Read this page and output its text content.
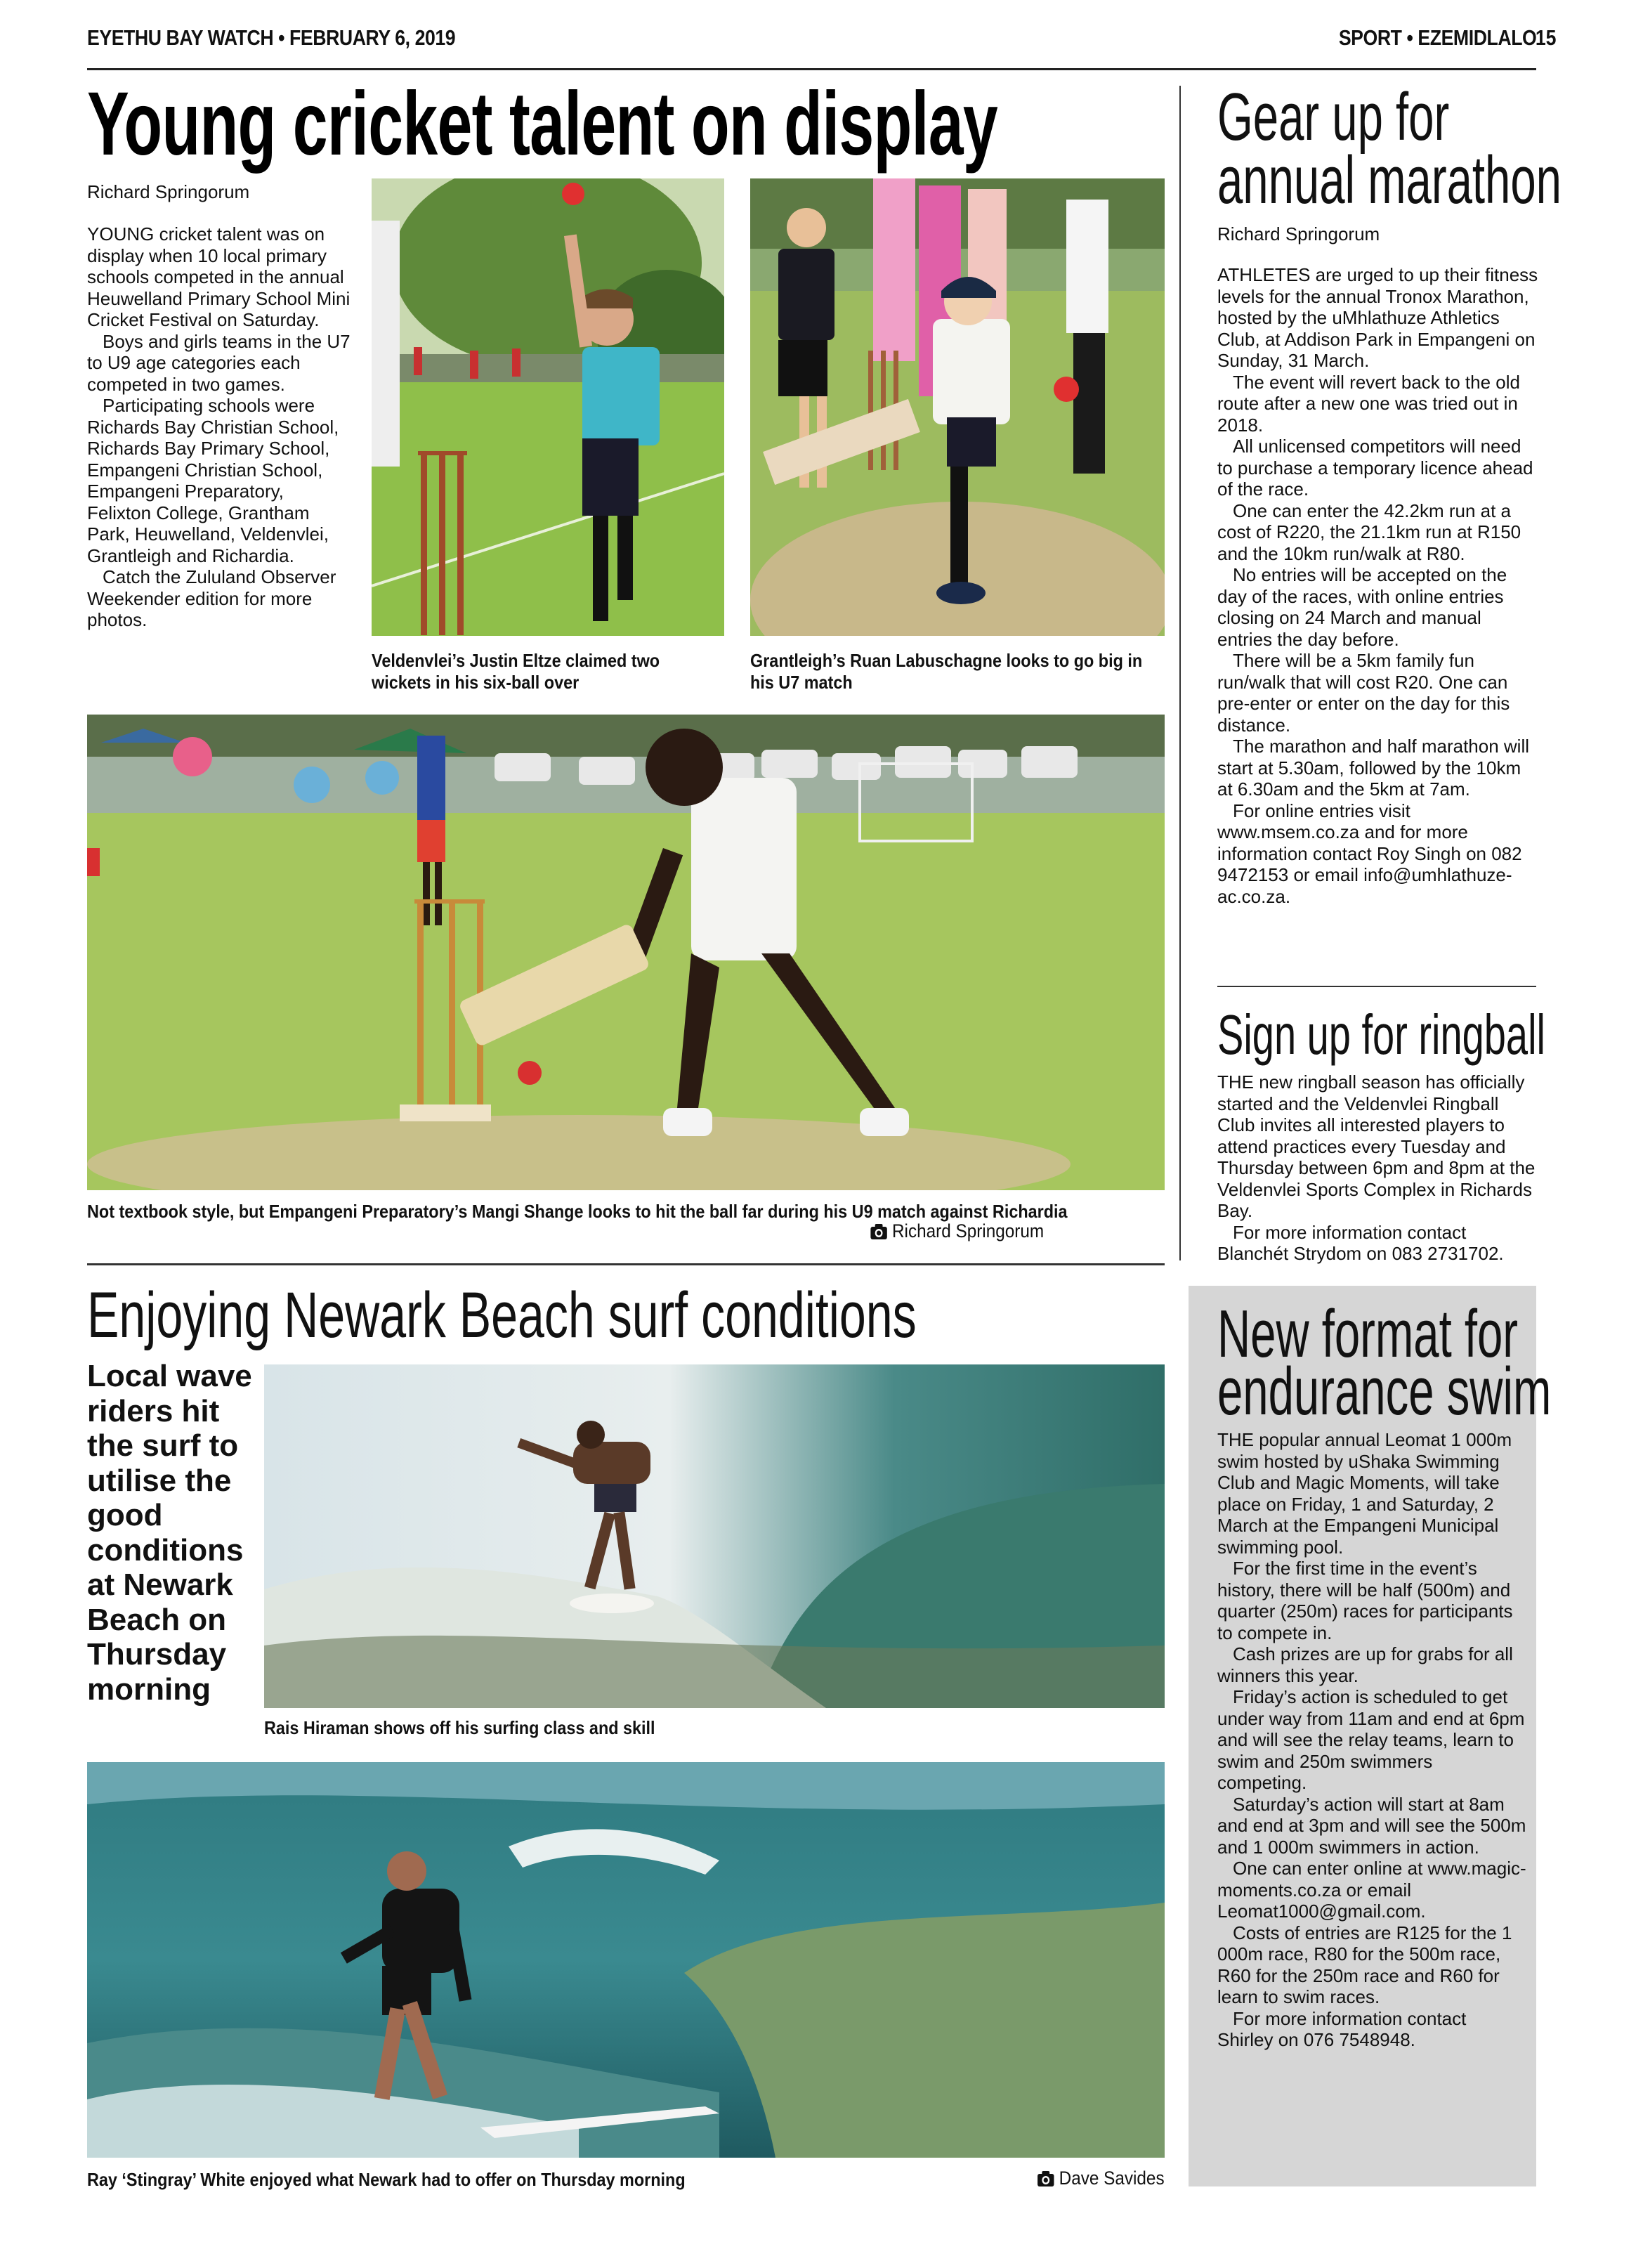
EYETHU BAY WATCH • FEBRUARY 6, 2019	SPORT • EZEMIDLALO
15
Young cricket talent on display
Richard Springorum

YOUNG cricket talent was on display when 10 local primary schools competed in the annual Heuwelland Primary School Mini Cricket Festival on Saturday.

Boys and girls teams in the U7 to U9 age categories each competed in two games.

Participating schools were Richards Bay Christian School, Richards Bay Primary School, Empangeni Christian School, Empangeni Preparatory, Felixton College, Grantham Park, Heuwelland, Veldenvlei, Grantleigh and Richardia.

Catch the Zululand Observer Weekender edition for more photos.

Veldenvlei’s Justin Eltze claimed two wickets in his six-ball over
Grantleigh’s Ruan Labuschagne looks to go big in his U7 match
Not textbook style, but Empangeni Preparatory’s Mangi Shange looks to hit the ball far during his U9 match against Richardia
Richard Springorum
Enjoying Newark Beach surf conditions
Local wave riders hit the surf to utilise the good conditions at Newark Beach on Thursday morning
Rais Hiraman shows off his surfing class and skill
Ray ‘Stingray’ White enjoyed what Newark had to offer on Thursday morning	Dave Savides
Gear up for
annual marathon
Richard Springorum

ATHLETES are urged to up their fitness levels for the annual Tronox Marathon, hosted by the uMhlathuze Athletics Club, at Addison Park in Empangeni on Sunday, 31 March.

The event will revert back to the old route after a new one was tried out in 2018.

All unlicensed competitors will need to purchase a temporary licence ahead of the race.

One can enter the 42.2km run at a cost of R220, the 21.1km run at R150 and the 10km run/walk at R80.

No entries will be accepted on the day of the races, with online entries closing on 24 March and manual entries the day before.

There will be a 5km family fun run/walk that will cost R20. One can pre-enter or enter on the day for this distance.

The marathon and half marathon will start at 5.30am, followed by the 10km at 6.30am and the 5km at 7am.

For online entries visit www.msem.co.za and for more information contact Roy Singh on 082 9472153 or email info@umhlathuze-ac.co.za.

Sign up for ringball

THE new ringball season has officially started and the Veldenvlei Ringball Club invites all interested players to attend practices every Tuesday and Thursday between 6pm and 8pm at the Veldenvlei Sports Complex in Richards Bay.

For more information contact Blanchét Strydom on 083 2731702.

New format for
endurance swim

THE popular annual Leomat 1 000m swim hosted by uShaka Swimming Club and Magic Moments, will take place on Friday, 1 and Saturday, 2 March at the Empangeni Municipal swimming pool.

For the first time in the event’s history, there will be half (500m) and quarter (250m) races for participants to compete in.

Cash prizes are up for grabs for all winners this year.

Friday’s action is scheduled to get under way from 11am and end at 6pm and will see the relay teams, learn to swim and 250m swimmers competing.

Saturday’s action will start at 8am and end at 3pm and will see the 500m and 1 000m swimmers in action.

One can enter online at www.magic-moments.co.za or email Leomat1000@gmail.com.

Costs of entries are R125 for the 1 000m race, R80 for the 500m race, R60 for the 250m race and R60 for learn to swim races.

For more information contact Shirley on 076 7548948.
